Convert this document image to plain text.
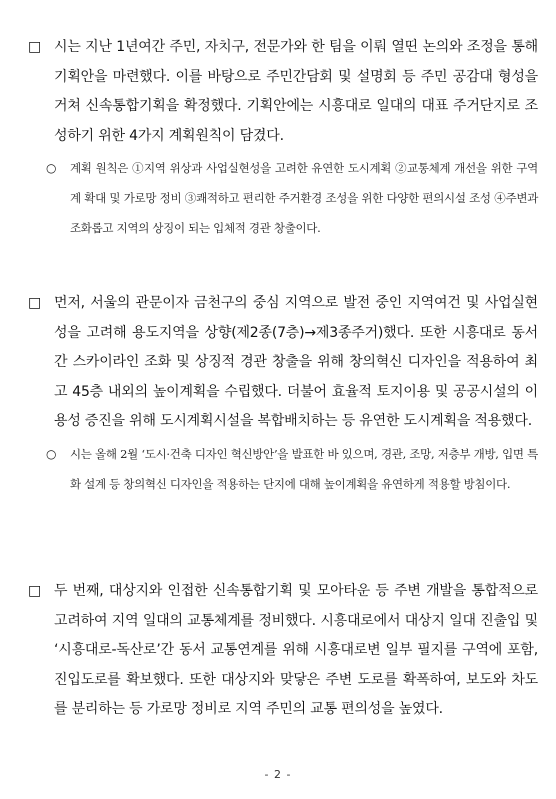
□ 시는 지난 1년여간 주민, 자치구, 전문가와 한 팀을 이뤄 열띤 논의와 조정을 통해 기획안을 마련했다. 이를 바탕으로 주민간담회 및 설명회 등 주민 공감대 형성을 거쳐 신속통합기획을 확정했다. 기획안에는 시흥대로 일대의 대표 주거단지로 조성하기 위한 4가지 계획원칙이 담겼다.
○ 계획 원칙은 ①지역 위상과 사업실현성을 고려한 유연한 도시계획 ②교통체계 개선을 위한 구역계 확대 및 가로망 정비 ③쾌적하고 편리한 주거환경 조성을 위한 다양한 편의시설 조성 ④주변과 조화롭고 지역의 상징이 되는 입체적 경관 창출이다.
□ 먼저, 서울의 관문이자 금천구의 중심 지역으로 발전 중인 지역여건 및 사업실현성을 고려해 용도지역을 상향(제2종(7층)→제3종주거)했다. 또한 시흥대로 동서간 스카이라인 조화 및 상징적 경관 창출을 위해 창의혁신 디자인을 적용하여 최고 45층 내외의 높이계획을 수립했다. 더불어 효율적 토지이용 및 공공시설의 이용성 증진을 위해 도시계획시설을 복합배치하는 등 유연한 도시계획을 적용했다.
○ 시는 올해 2월 ‘도시·건축 디자인 혁신방안’을 발표한 바 있으며, 경관, 조망, 저층부 개방, 입면 특화 설계 등 창의혁신 디자인을 적용하는 단지에 대해 높이계획을 유연하게 적용할 방침이다.
□ 두 번째, 대상지와 인접한 신속통합기획 및 모아타운 등 주변 개발을 통합적으로 고려하여 지역 일대의 교통체계를 정비했다. 시흥대로에서 대상지 일대 진출입 및 ‘시흥대로-독산로’간 동서 교통연계를 위해 시흥대로변 일부 필지를 구역에 포함, 진입도로를 확보했다. 또한 대상지와 맞닿은 주변 도로를 확폭하여, 보도와 차도를 분리하는 등 가로망 정비로 지역 주민의 교통 편의성을 높였다.
- 2 -
